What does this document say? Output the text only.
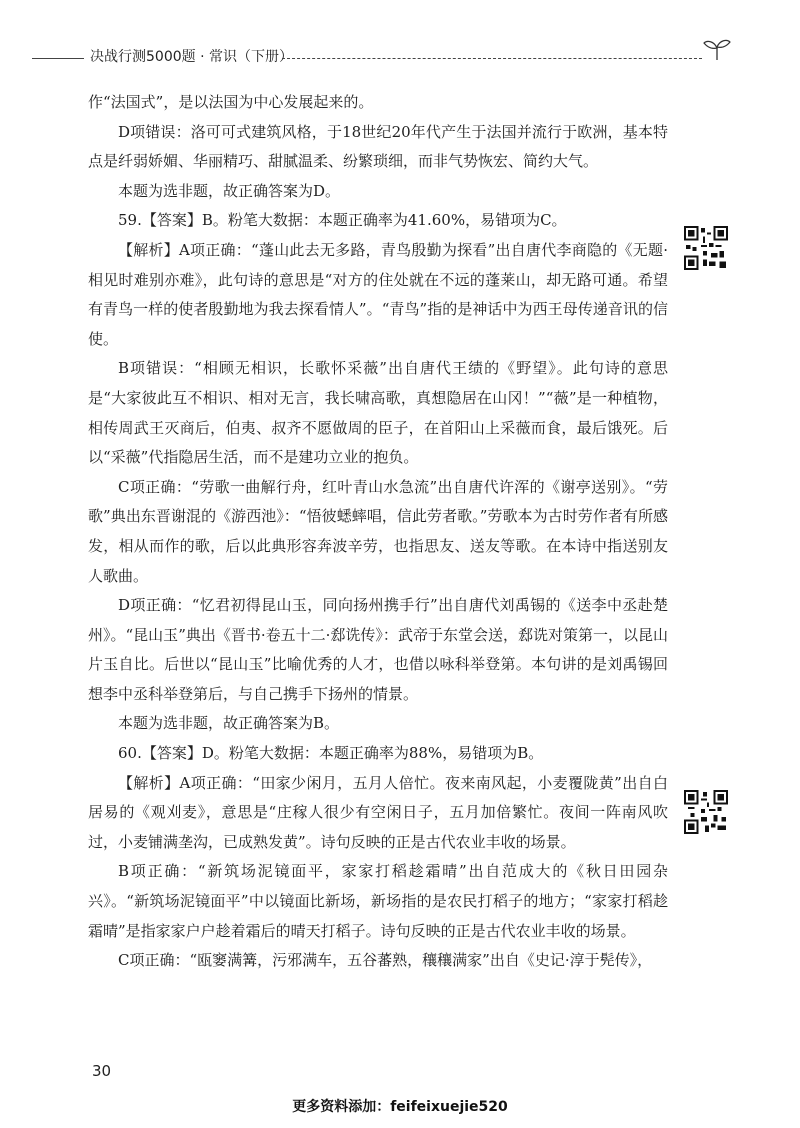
决战行测5000题 · 常识（下册）

作“法国式”，是以法国为中心发展起来的。

D项错误：洛可可式建筑风格，于18世纪20年代产生于法国并流行于欧洲，基本特点是纤弱娇媚、华丽精巧、甜腻温柔、纷繁琐细，而非气势恢宏、简约大气。

本题为选非题，故正确答案为D。

59.【答案】B。粉笔大数据：本题正确率为41.60%，易错项为C。

【解析】A项正确：“蓬山此去无多路，青鸟殷勤为探看”出自唐代李商隐的《无题·相见时难别亦难》，此句诗的意思是“对方的住处就在不远的蓬莱山，却无路可通。希望有青鸟一样的使者殷勤地为我去探看情人”。“青鸟”指的是神话中为西王母传递音讯的信使。

B项错误：“相顾无相识，长歌怀采薇”出自唐代王绩的《野望》。此句诗的意思是“大家彼此互不相识、相对无言，我长啸高歌，真想隐居在山冈！”“薇”是一种植物，相传周武王灭商后，伯夷、叔齐不愿做周的臣子，在首阳山上采薇而食，最后饿死。后以“采薇”代指隐居生活，而不是建功立业的抱负。

C项正确：“劳歌一曲解行舟，红叶青山水急流”出自唐代许浑的《谢亭送别》。“劳歌”典出东晋谢混的《游西池》：“悟彼蟋蟀唱，信此劳者歌。”劳歌本为古时劳作者有所感发，相从而作的歌，后以此典形容奔波辛劳，也指思友、送友等歌。在本诗中指送别友人歌曲。

D项正确：“忆君初得昆山玉，同向扬州携手行”出自唐代刘禹锡的《送李中丞赴楚州》。“昆山玉”典出《晋书·卷五十二·郄诜传》：武帝于东堂会送，郄诜对策第一，以昆山片玉自比。后世以“昆山玉”比喻优秀的人才，也借以咏科举登第。本句讲的是刘禹锡回想李中丞科举登第后，与自己携手下扬州的情景。

本题为选非题，故正确答案为B。

60.【答案】D。粉笔大数据：本题正确率为88%，易错项为B。

【解析】A项正确：“田家少闲月，五月人倍忙。夜来南风起，小麦覆陇黄”出自白居易的《观刈麦》，意思是“庄稼人很少有空闲日子，五月加倍繁忙。夜间一阵南风吹过，小麦铺满垄沟，已成熟发黄”。诗句反映的正是古代农业丰收的场景。

B项正确：“新筑场泥镜面平，家家打稻趁霜晴”出自范成大的《秋日田园杂兴》。“新筑场泥镜面平”中以镜面比新场，新场指的是农民打稻子的地方；“家家打稻趁霜晴”是指家家户户趁着霜后的晴天打稻子。诗句反映的正是古代农业丰收的场景。

C项正确：“瓯窭满篝，污邪满车，五谷蕃熟，穰穰满家”出自《史记·淳于髡传》，

30
更多资料添加：feifeixuejie520
